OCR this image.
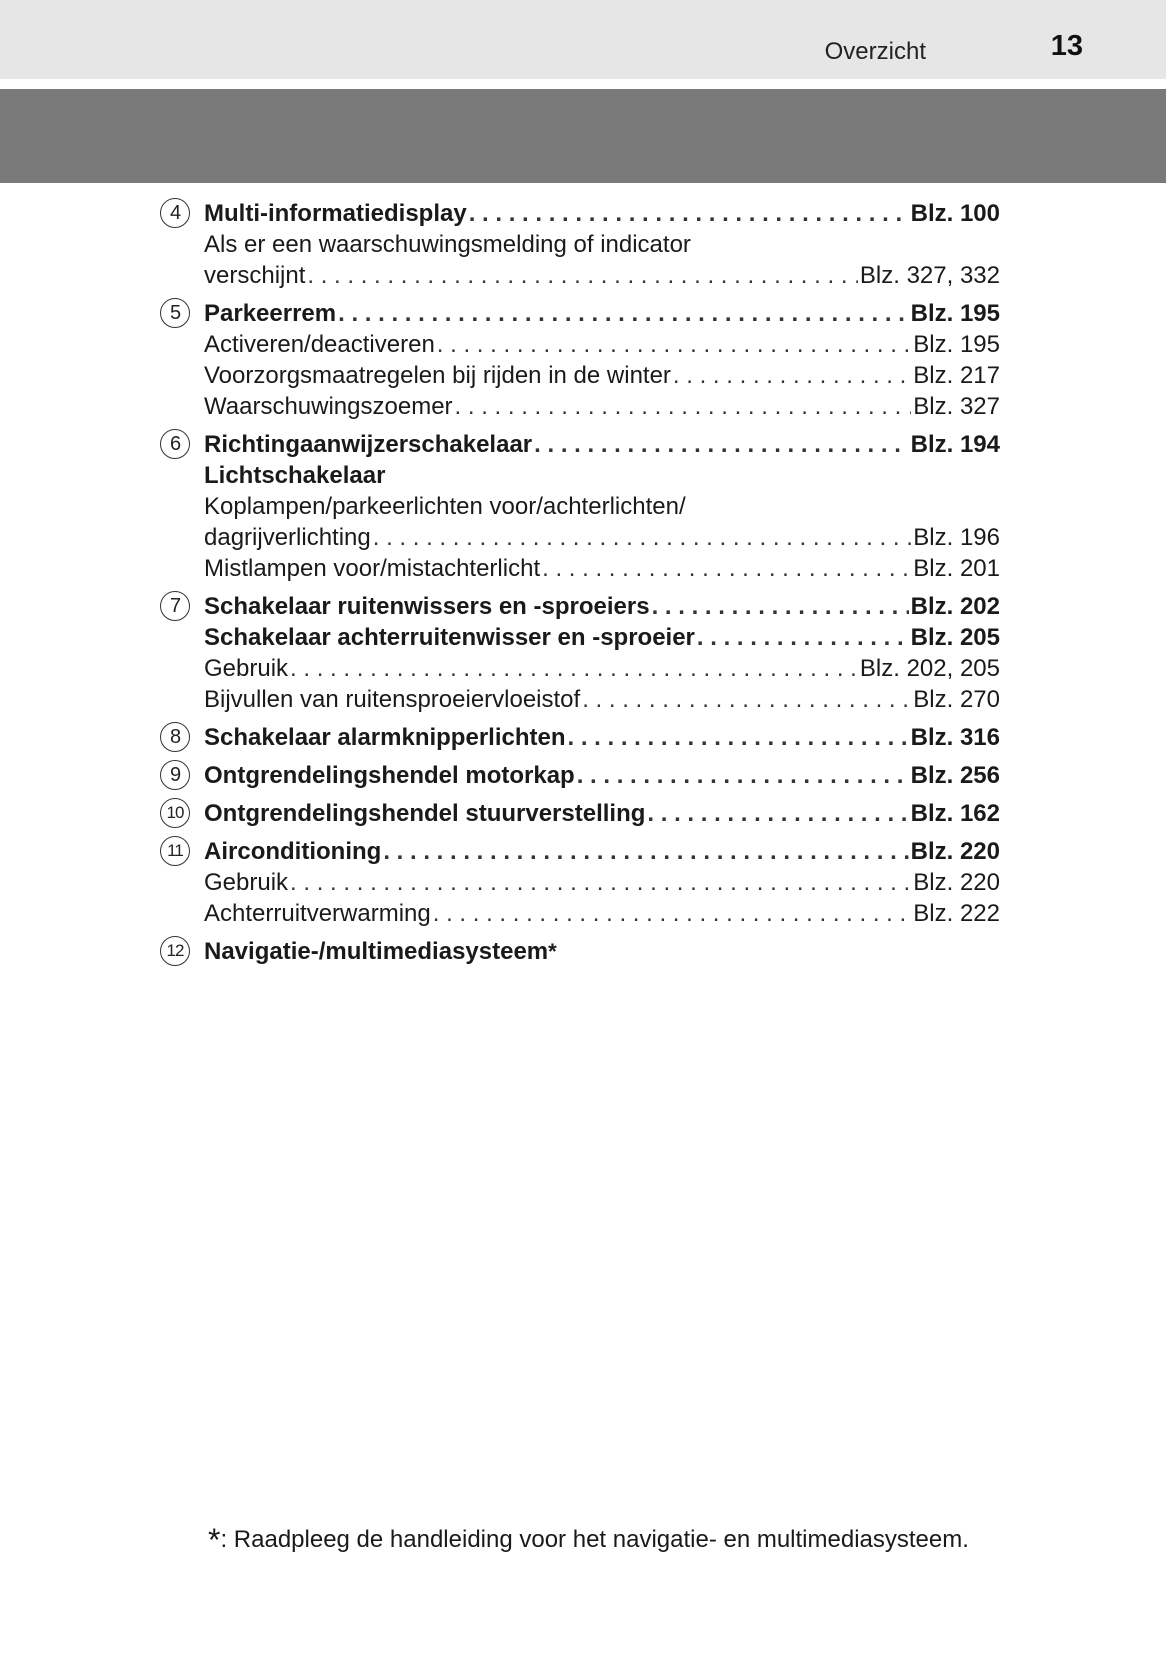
Overzicht	13
4 Multi-informatiedisplay . . .	Blz. 100
Als er een waarschuwingsmelding of indicator
verschijnt . . .	Blz. 327, 332
5 Parkeerrem . . .	Blz. 195
Activeren/deactiveren . . .	Blz. 195
Voorzorgsmaatregelen bij rijden in de winter . . .	Blz. 217
Waarschuwingszoemer . . .	Blz. 327
6 Richtingaanwijzerschakelaar . . .	Blz. 194
Lichtschakelaar
Koplampen/parkeerlichten voor/achterlichten/
dagrijverlichting . . .	Blz. 196
Mistlampen voor/mistachterlicht . . .	Blz. 201
7 Schakelaar ruitenwissers en -sproeiers . . .	Blz. 202
Schakelaar achterruitenwisser en -sproeier . . .	Blz. 205
Gebruik . . .	Blz. 202, 205
Bijvullen van ruitensproeiervloeistof . . .	Blz. 270
8 Schakelaar alarmknipperlichten . . .	Blz. 316
9 Ontgrendelingshendel motorkap . . .	Blz. 256
10 Ontgrendelingshendel stuurverstelling . . .	Blz. 162
11 Airconditioning . . .	Blz. 220
Gebruik . . .	Blz. 220
Achterruitverwarming . . .	Blz. 222
12 Navigatie-/multimediasysteem *
*: Raadpleeg de handleiding voor het navigatie- en multimediasysteem.
